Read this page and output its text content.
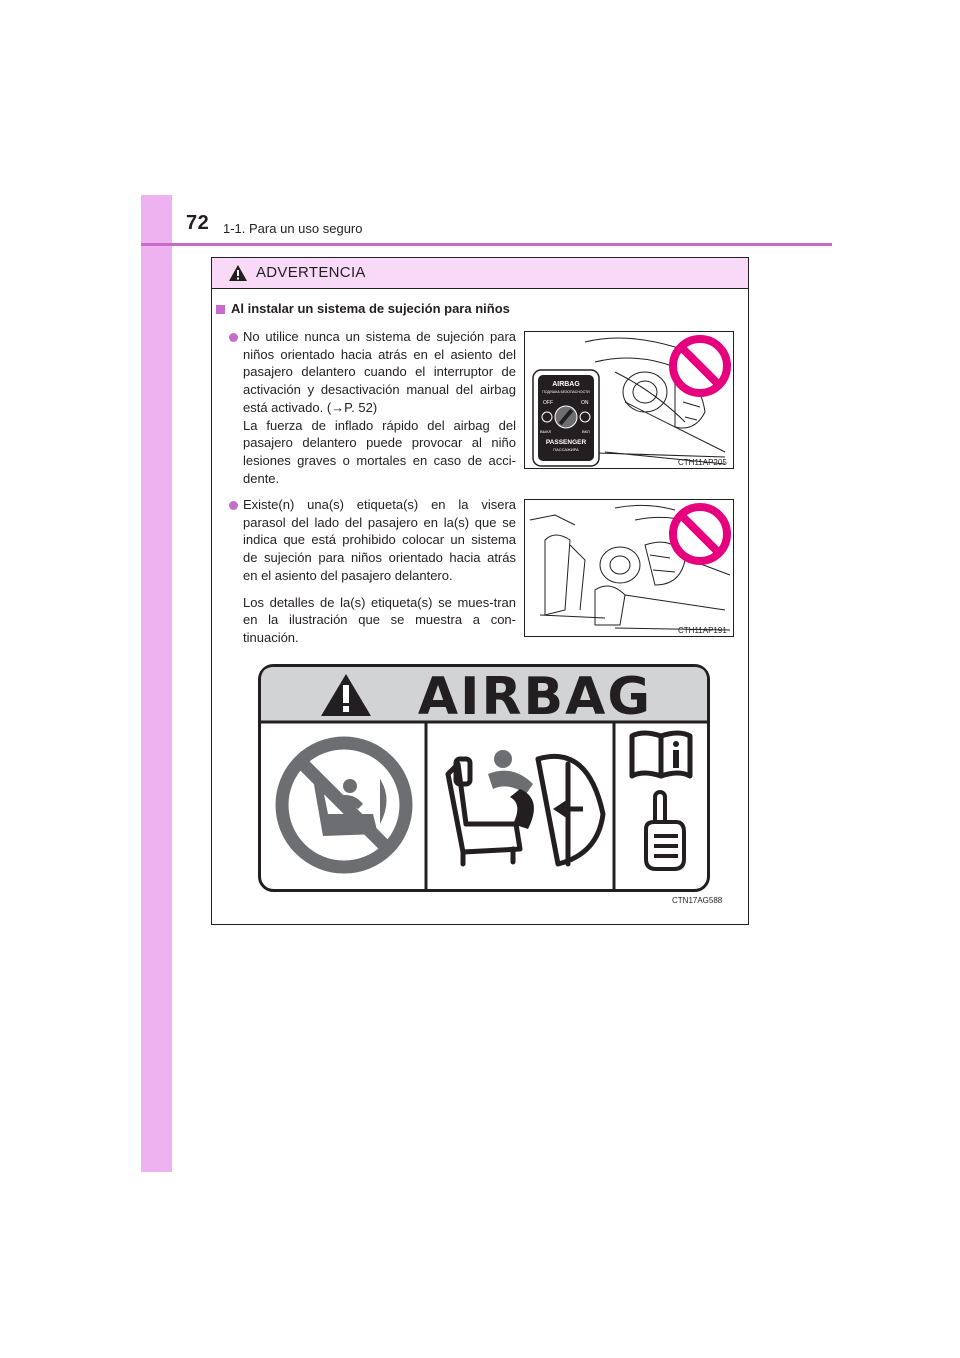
72 1-1. Para un uso seguro
ADVERTENCIA
Al instalar un sistema de sujeción para niños

No utilice nunca un sistema de sujeción para niños orientado hacia atrás en el asiento del pasajero delantero cuando el interruptor de activación y desactivación manual del airbag está activado. (→P. 52)

La fuerza de inflado rápido del airbag del pasajero delantero puede provocar al niño lesiones graves o mortales en caso de acci-dente.

AIRBAG
ПОДУШКА БЕЗОПАСНОСТИ
OFF	ON
ВЫКЛ	ВКЛ
PASSENGER
ПАССАЖИРА
CTH11AP205

Existe(n) una(s) etiqueta(s) en la visera parasol del lado del pasajero en la(s) que se indica que está prohibido colocar un sistema de sujeción para niños orientado hacia atrás en el asiento del pasajero delantero.

Los detalles de la(s) etiqueta(s) se mues-tran en la ilustración que se muestra a con-tinuación.	CTH11AP191
AIRBAG
CTN17AG588
